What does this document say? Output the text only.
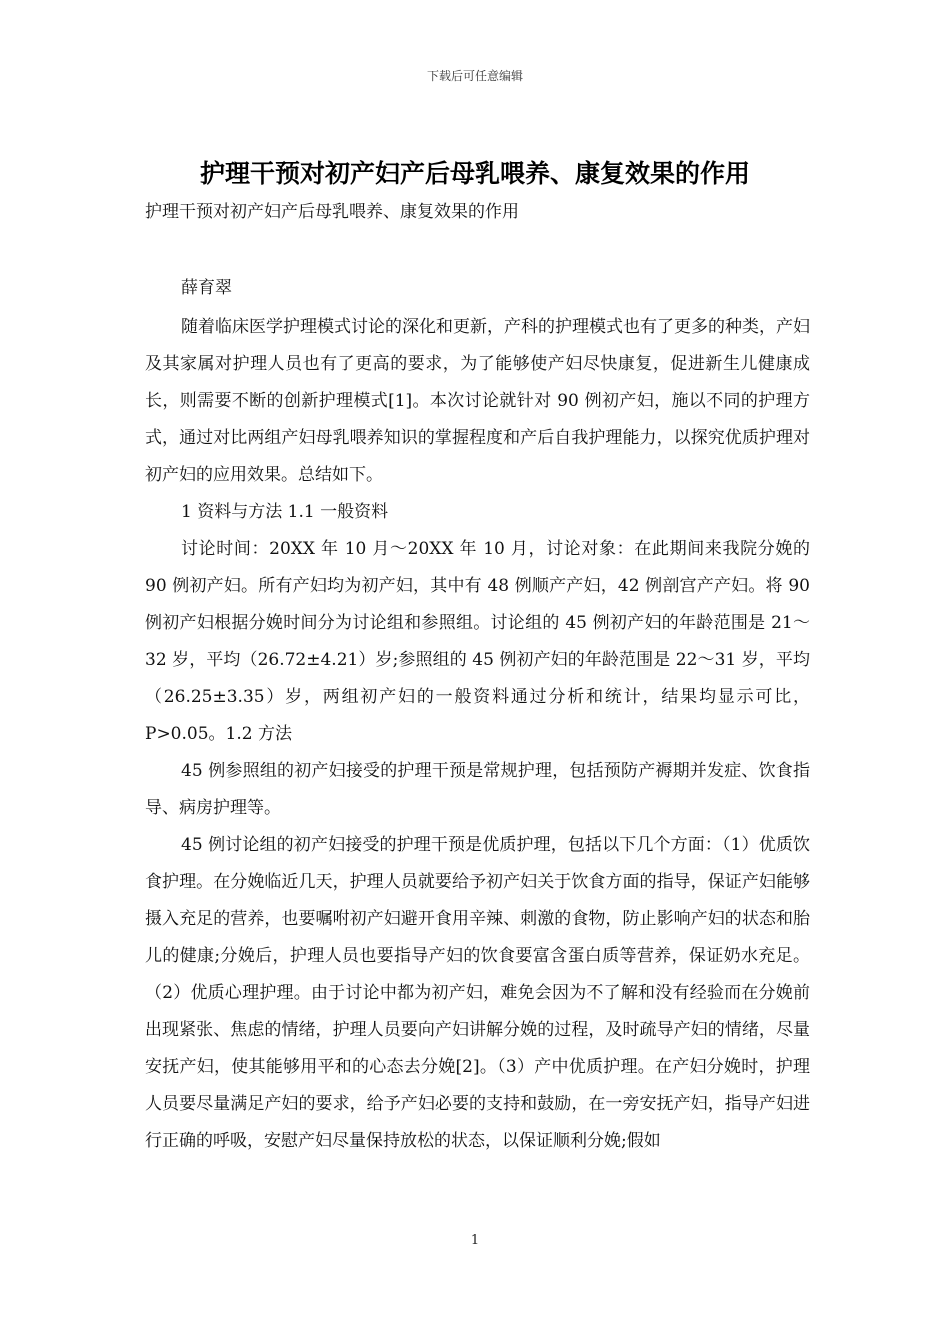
下载后可任意编辑
护理干预对初产妇产后母乳喂养、康复效果的作用
护理干预对初产妇产后母乳喂养、康复效果的作用
薛育翠

随着临床医学护理模式讨论的深化和更新，产科的护理模式也有了更多的种类，产妇及其家属对护理人员也有了更高的要求，为了能够使产妇尽快康复，促进新生儿健康成长，则需要不断的创新护理模式[1]。本次讨论就针对 90 例初产妇，施以不同的护理方式，通过对比两组产妇母乳喂养知识的掌握程度和产后自我护理能力，以探究优质护理对初产妇的应用效果。总结如下。

1 资料与方法 1.1 一般资料

讨论时间：20XX 年 10 月～20XX 年 10 月，讨论对象：在此期间来我院分娩的 90 例初产妇。所有产妇均为初产妇，其中有 48 例顺产产妇，42 例剖宫产产妇。将 90 例初产妇根据分娩时间分为讨论组和参照组。讨论组的 45 例初产妇的年龄范围是 21～32 岁，平均（26.72±4.21）岁;参照组的 45 例初产妇的年龄范围是 22～31 岁，平均（26.25±3.35）岁，两组初产妇的一般资料通过分析和统计，结果均显示可比，P>0.05。1.2 方法

45 例参照组的初产妇接受的护理干预是常规护理，包括预防产褥期并发症、饮食指导、病房护理等。

45 例讨论组的初产妇接受的护理干预是优质护理，包括以下几个方面：（1）优质饮食护理。在分娩临近几天，护理人员就要给予初产妇关于饮食方面的指导，保证产妇能够摄入充足的营养，也要嘱咐初产妇避开食用辛辣、刺激的食物，防止影响产妇的状态和胎儿的健康;分娩后，护理人员也要指导产妇的饮食要富含蛋白质等营养，保证奶水充足。（2）优质心理护理。由于讨论中都为初产妇，难免会因为不了解和没有经验而在分娩前出现紧张、焦虑的情绪，护理人员要向产妇讲解分娩的过程，及时疏导产妇的情绪，尽量安抚产妇，使其能够用平和的心态去分娩[2]。（3）产中优质护理。在产妇分娩时，护理人员要尽量满足产妇的要求，给予产妇必要的支持和鼓励，在一旁安抚产妇，指导产妇进行正确的呼吸，安慰产妇尽量保持放松的状态，以保证顺利分娩;假如

1
